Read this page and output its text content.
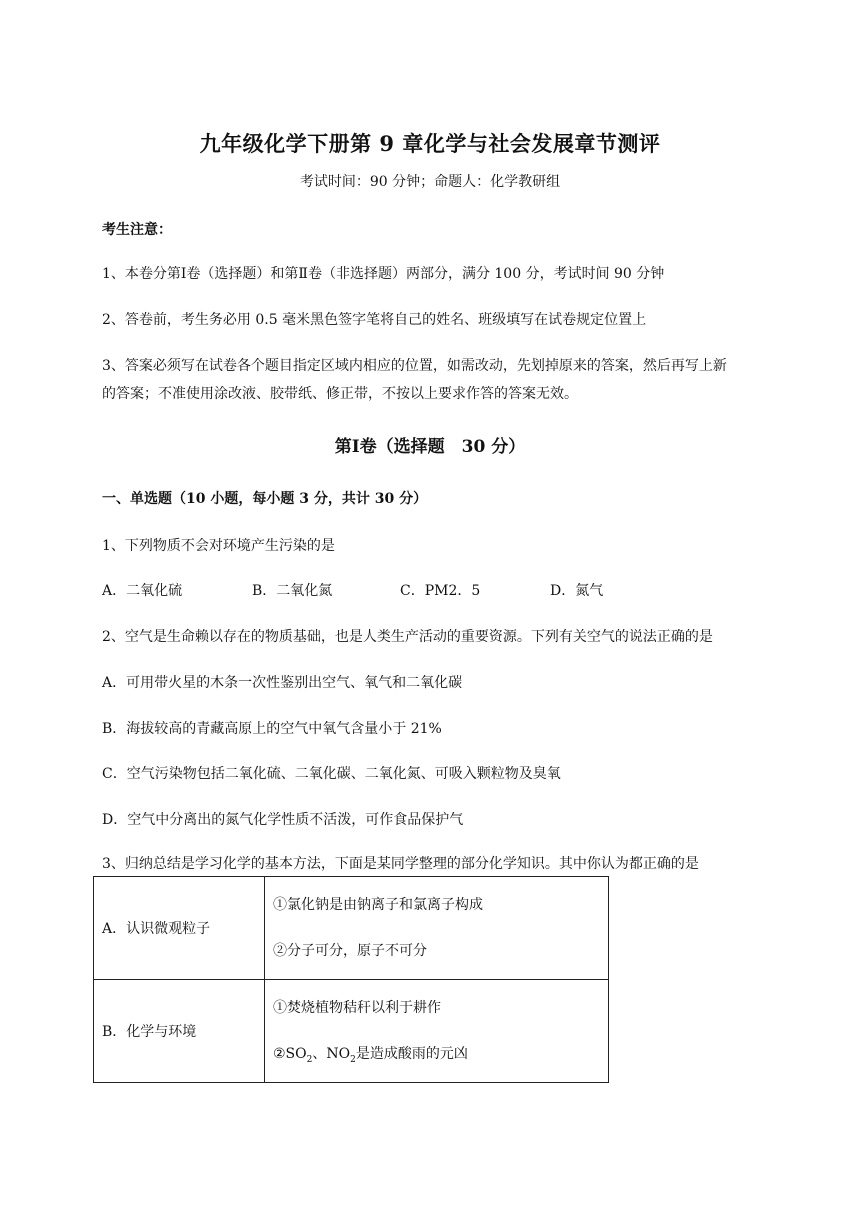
九年级化学下册第 9 章化学与社会发展章节测评
考试时间：90 分钟；命题人：化学教研组
考生注意：
1、本卷分第Ⅰ卷（选择题）和第Ⅱ卷（非选择题）两部分，满分 100 分，考试时间 90 分钟
2、答卷前，考生务必用 0.5 毫米黑色签字笔将自己的姓名、班级填写在试卷规定位置上
3、答案必须写在试卷各个题目指定区域内相应的位置，如需改动，先划掉原来的答案，然后再写上新
的答案；不准使用涂改液、胶带纸、修正带，不按以上要求作答的答案无效。
第Ⅰ卷（选择题　30 分）
一、单选题（10 小题，每小题 3 分，共计 30 分）
1、下列物质不会对环境产生污染的是
A．二氧化硫	B．二氧化氮	C．PM2．5	D．氮气
2、空气是生命赖以存在的物质基础，也是人类生产活动的重要资源。下列有关空气的说法正确的是
A．可用带火星的木条一次性鉴别出空气、氧气和二氧化碳
B．海拔较高的青藏高原上的空气中氧气含量小于 21%
C．空气污染物包括二氧化硫、二氧化碳、二氧化氮、可吸入颗粒物及臭氧
D．空气中分离出的氮气化学性质不活泼，可作食品保护气
3、归纳总结是学习化学的基本方法，下面是某同学整理的部分化学知识。其中你认为都正确的是
A．认识微观粒子	①氯化钠是由钠离子和氯离子构成
②分子可分，原子不可分

B．化学与环境	①焚烧植物秸秆以利于耕作
$②SO_2$、$NO_2$是造成酸雨的元凶
